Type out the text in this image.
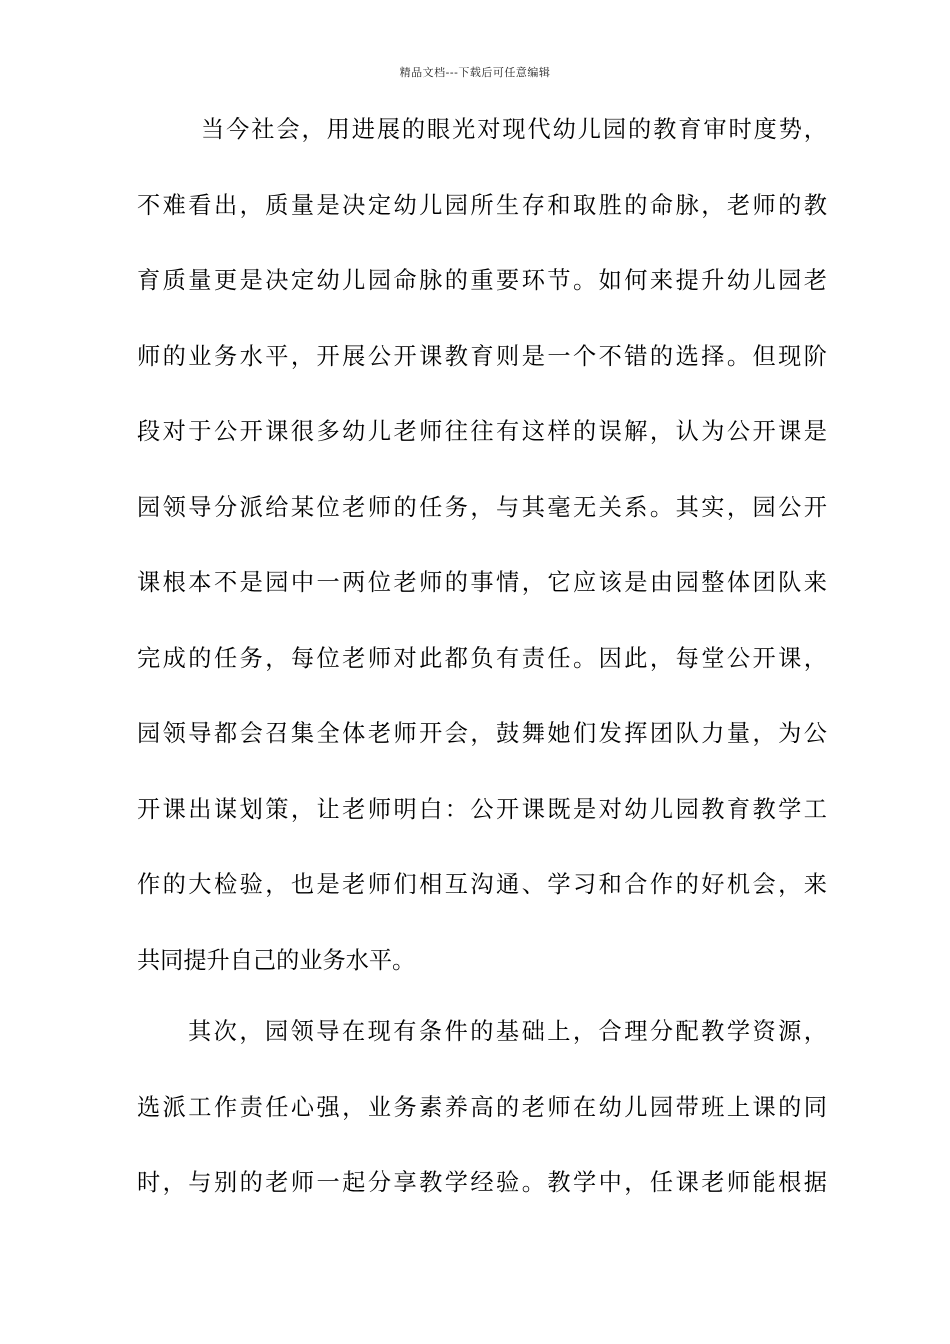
精品文档---下载后可任意编辑
当今社会，用进展的眼光对现代幼儿园的教育审时度势，
不难看出，质量是决定幼儿园所生存和取胜的命脉，老师的教
育质量更是决定幼儿园命脉的重要环节。如何来提升幼儿园老
师的业务水平，开展公开课教育则是一个不错的选择。但现阶
段对于公开课很多幼儿老师往往有这样的误解，认为公开课是
园领导分派给某位老师的任务，与其毫无关系。其实，园公开
课根本不是园中一两位老师的事情，它应该是由园整体团队来
完成的任务，每位老师对此都负有责任。因此，每堂公开课，
园领导都会召集全体老师开会，鼓舞她们发挥团队力量，为公
开课出谋划策，让老师明白：公开课既是对幼儿园教育教学工
作的大检验，也是老师们相互沟通、学习和合作的好机会，来
共同提升自己的业务水平。
其次，园领导在现有条件的基础上，合理分配教学资源，
选派工作责任心强，业务素养高的老师在幼儿园带班上课的同
时，与别的老师一起分享教学经验。教学中，任课老师能根据
